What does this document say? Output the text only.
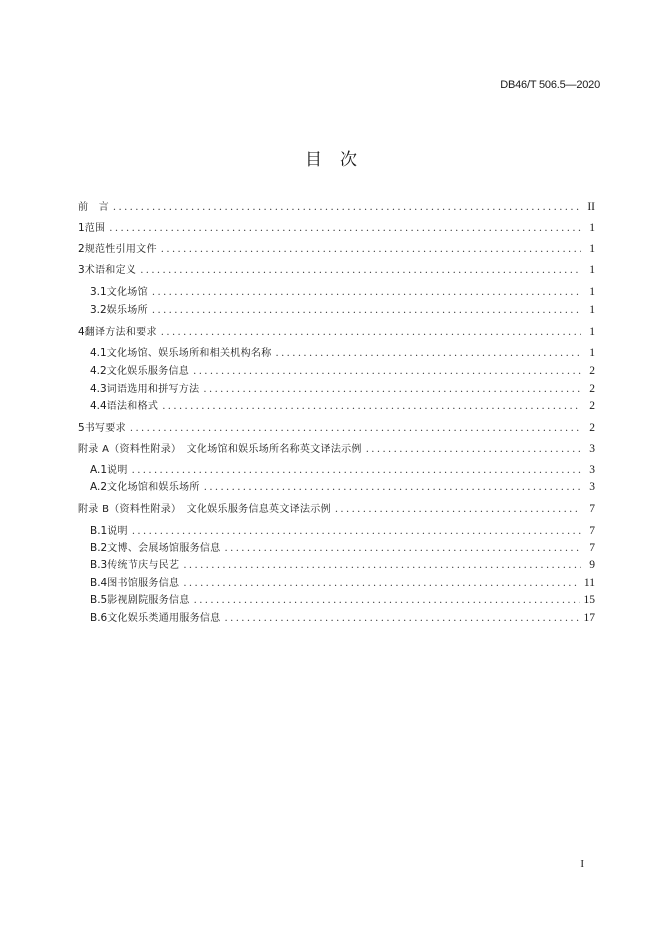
DB46/T 506.5—2020
目次
前　言 .....	II
1 范围 .....	1
2 规范性引用文件 .....	1
3 术语和定义 .....	1
3.1 文化场馆 .....	1
3.2 娱乐场所 .....	1
4 翻译方法和要求 .....	1
4.1 文化场馆、娱乐场所和相关机构名称 .....	1
4.2 文化娱乐服务信息 .....	2
4.3 词语选用和拼写方法 .....	2
4.4 语法和格式 .....	2
5 书写要求 .....	2
附录 A（资料性附录）　文化场馆和娱乐场所名称英文译法示例 .....	3
A.1 说明 .....	3
A.2 文化场馆和娱乐场所 .....	3
附录 B（资料性附录）　文化娱乐服务信息英文译法示例 .....	7
B.1 说明 .....	7
B.2 文博、会展场馆服务信息 .....	7
B.3 传统节庆与民艺 .....	9
B.4 图书馆服务信息 .....	11
B.5 影视剧院服务信息 .....	15
B.6 文化娱乐类通用服务信息 .....	17
I
